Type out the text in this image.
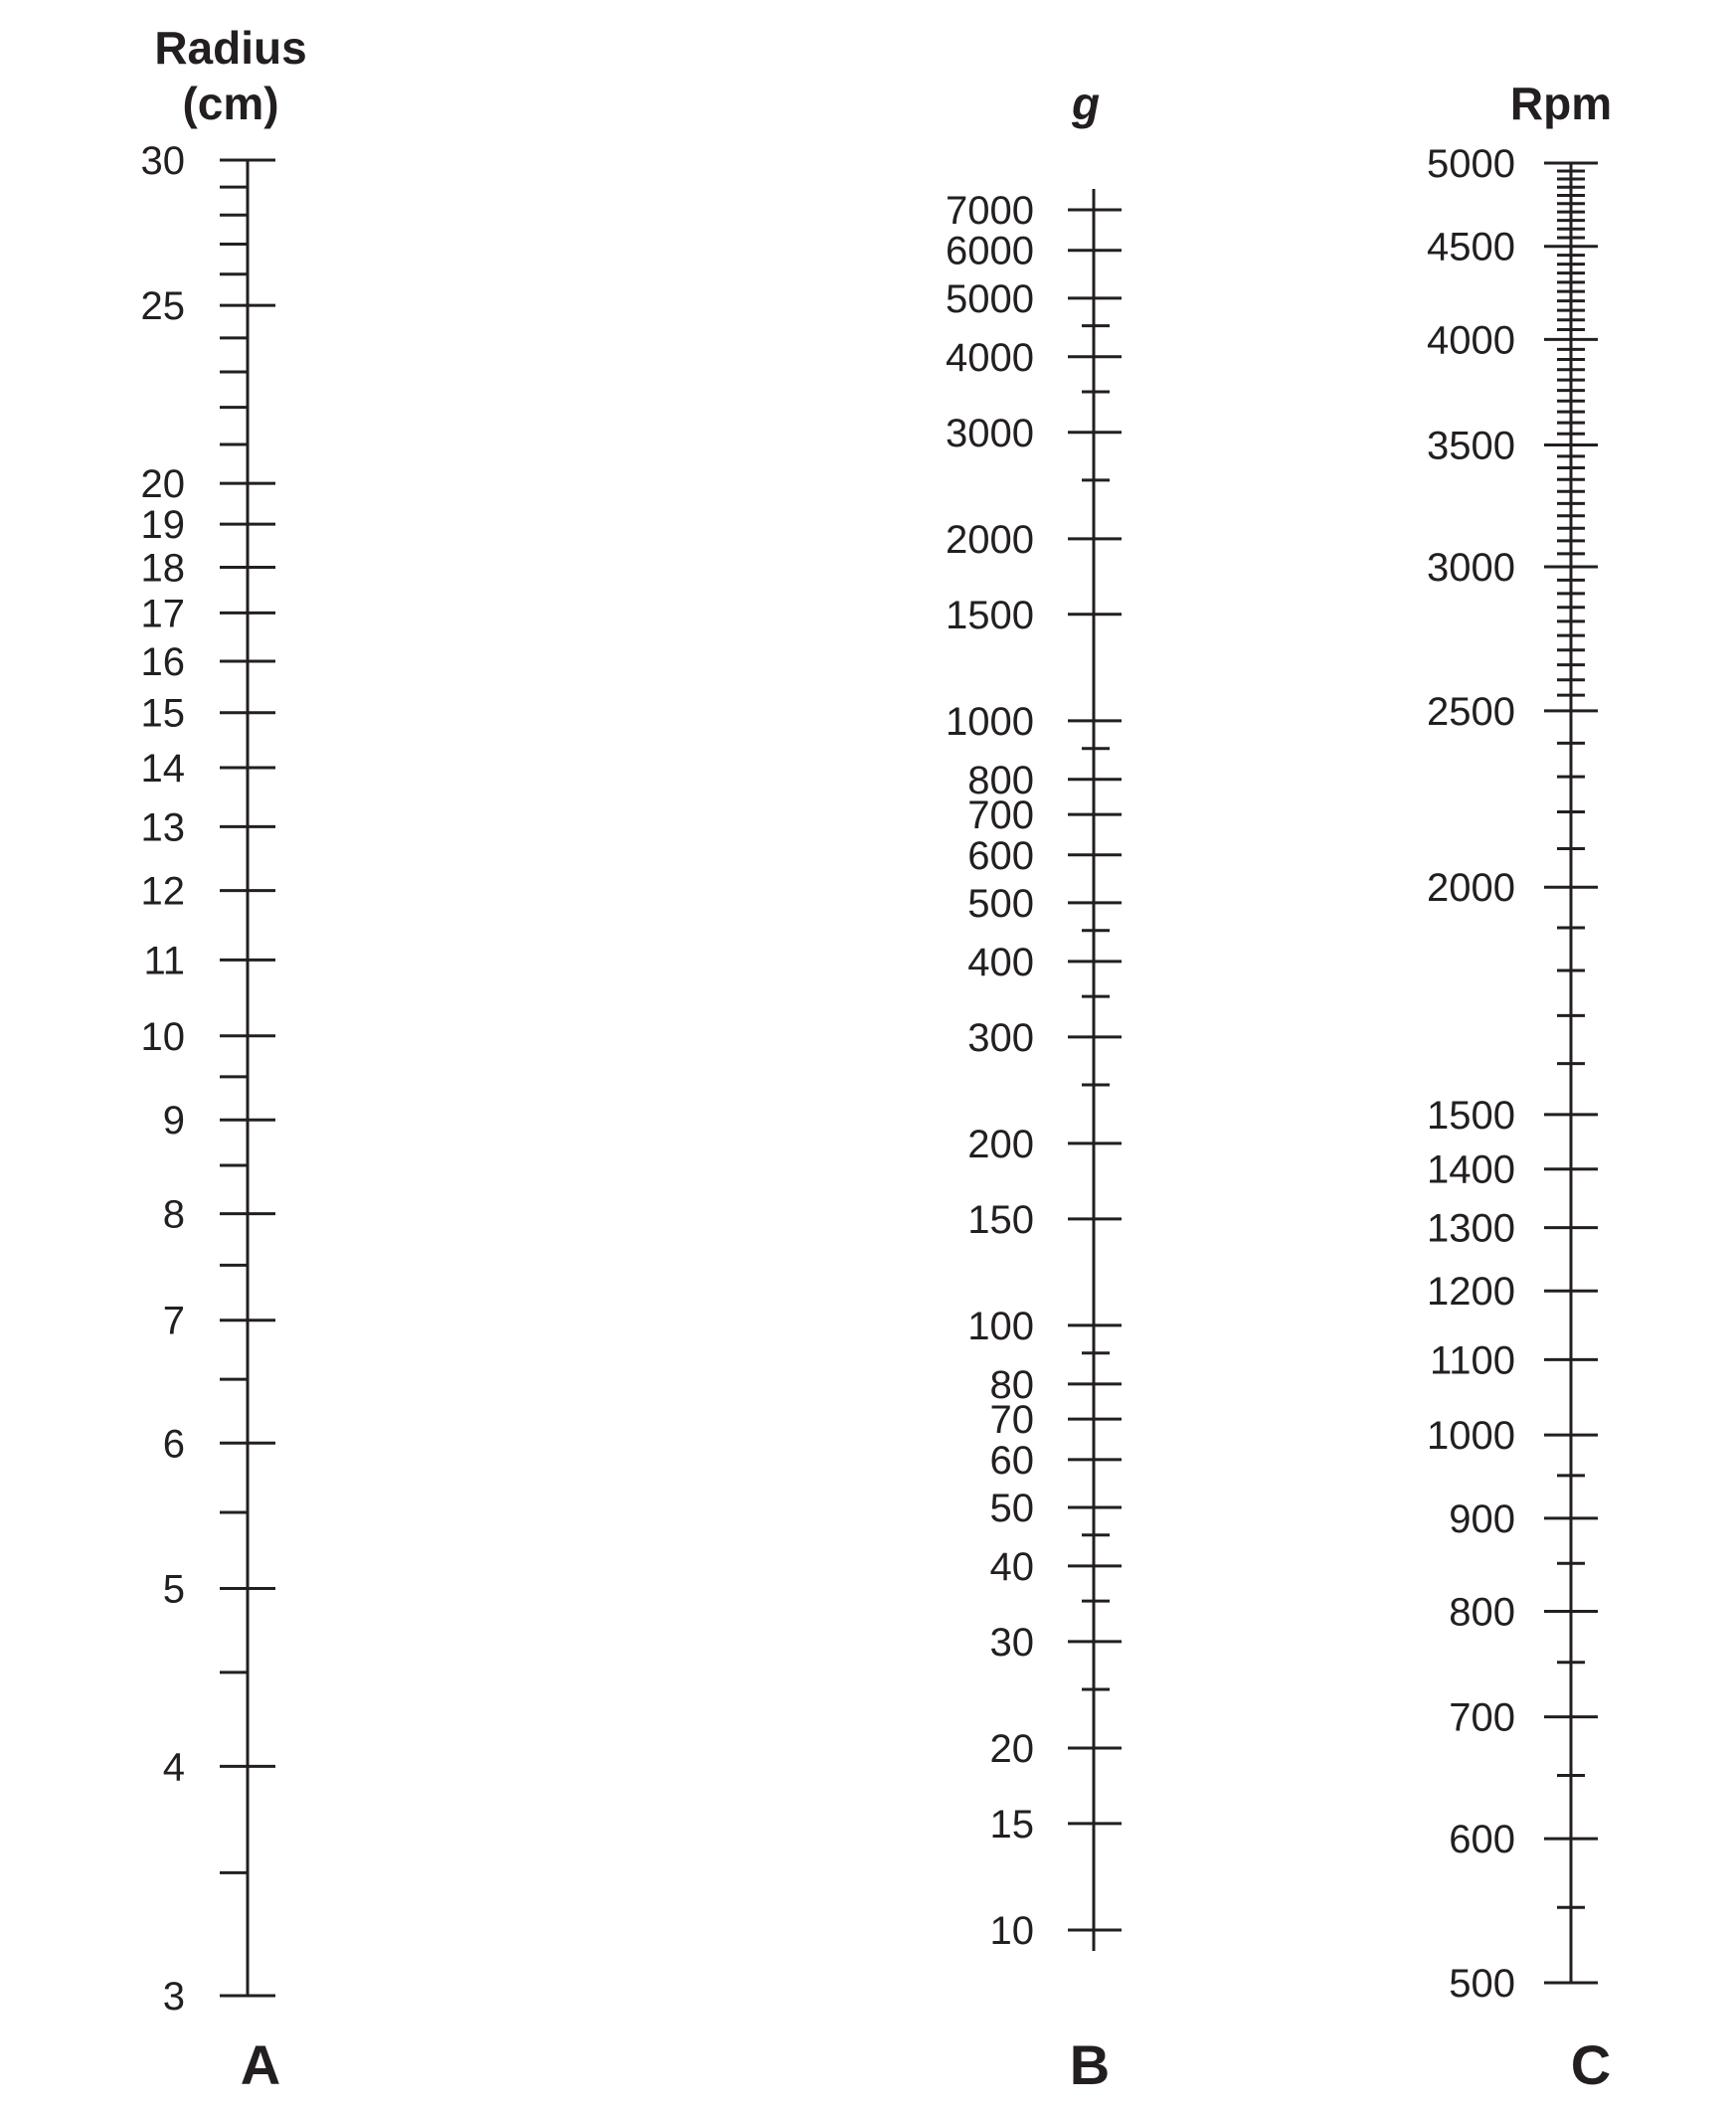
Radius
(cm)
30
25
20
19
18
17
16
15
14
13
12
11
10
9
8
7
6
5
4
3
A
g
7000
6000
5000
4000
3000
2000
1500
1000
800
700
600
500
400
300
200
150
100
80
70
60
50
40
30
20
15
10
B
Rpm
5000
4500
4000
3500
3000
2500
2000
1500
1400
1300
1200
1100
1000
900
800
700
600
500
C
